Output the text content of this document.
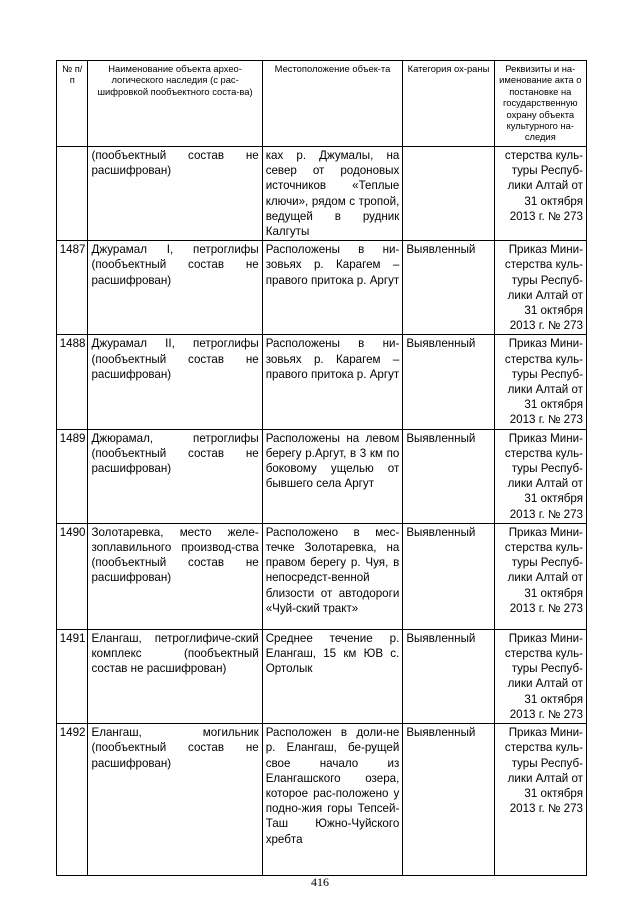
№ п/п	Наименование объекта архео-логического наследия (с рас-шифровкой пообъектного соста-ва)	Местоположение объек-та	Категория ох-раны	Реквизиты и на-именование акта о постановке на государственную охрану объекта культурного на-следия
	(пообъектный состав не расшифрован)	ках р. Джумалы, на север от родоновых источников «Теплые ключи», рядом с тропой, ведущей в рудник Калгуты		стерства куль-туры Респуб-лики Алтай от 31 октября 2013 г. № 273
1487	Джурамал I, петроглифы (пообъектный состав не расшифрован)	Расположены в ни-зовьях р. Карагем – правого притока р. Аргут	Выявленный	Приказ Мини-стерства куль-туры Респуб-лики Алтай от 31 октября 2013 г. № 273
1488	Джурамал II, петроглифы (пообъектный состав не расшифрован)	Расположены в ни-зовьях р. Карагем – правого притока р. Аргут	Выявленный	Приказ Мини-стерства куль-туры Респуб-лики Алтай от 31 октября 2013 г. № 273
1489	Джюрамал, петроглифы (пообъектный состав не расшифрован)	Расположены на левом берегу р.Аргут, в 3 км по боковому ущелью от бывшего села Аргут	Выявленный	Приказ Мини-стерства куль-туры Респуб-лики Алтай от 31 октября 2013 г. № 273
1490	Золотаревка, место желе-зоплавильного производ-ства (пообъектный состав не расшифрован)	Расположено в мес-течке Золотаревка, на правом берегу р. Чуя, в непосредст-венной близости от автодороги «Чуй-ский тракт»	Выявленный	Приказ Мини-стерства куль-туры Респуб-лики Алтай от 31 октября 2013 г. № 273
1491	Елангаш, петроглифиче-ский комплекс (пообъектный состав не расшифрован)	Среднее течение р. Елангаш, 15 км ЮВ с. Ортолык	Выявленный	Приказ Мини-стерства куль-туры Респуб-лики Алтай от 31 октября 2013 г. № 273
1492	Елангаш, могильник (пообъектный состав не расшифрован)	Расположен в доли-не р. Елангаш, бе-рущей свое начало из Елангашского озера, которое рас-положено у подно-жия горы Тепсей-Таш Южно-Чуйского хребта	Выявленный	Приказ Мини-стерства куль-туры Респуб-лики Алтай от 31 октября 2013 г. № 273
416
